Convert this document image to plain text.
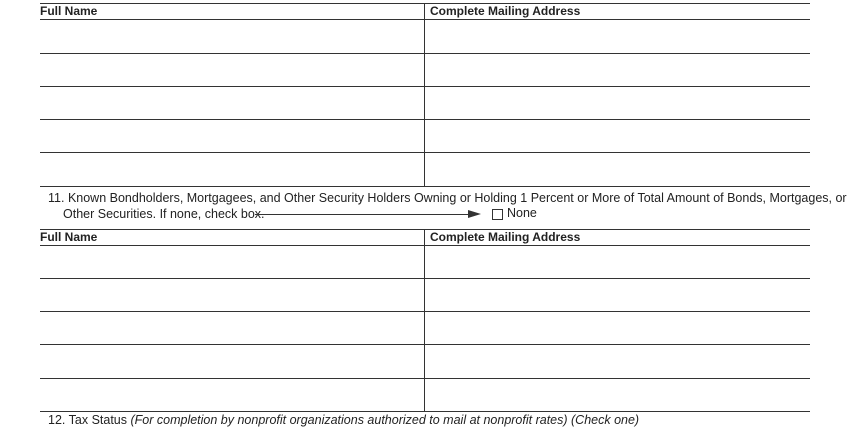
Full Name	Complete Mailing Address
11. Known Bondholders, Mortgagees, and Other Security Holders Owning or Holding 1 Percent or More of Total Amount of Bonds, Mortgages, or
Other Securities. If none, check box.	None
Full Name	Complete Mailing Address
12. Tax Status (For completion by nonprofit organizations authorized to mail at nonprofit rates) (Check one)
